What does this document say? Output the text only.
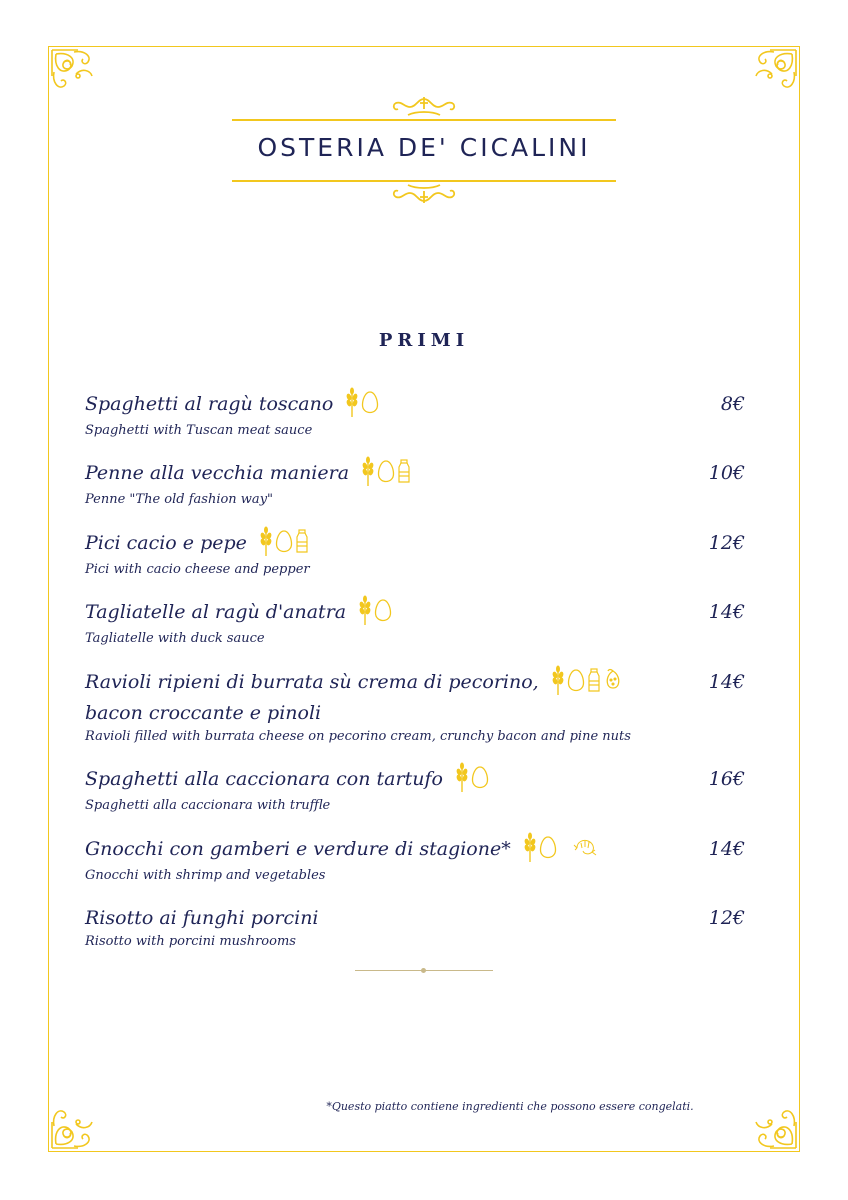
OSTERIA DE' CICALINI
PRIMI
Spaghetti al ragù toscano
Spaghetti with Tuscan meat sauce
8€
Penne alla vecchia maniera
Penne "The old fashion way"
10€
Pici cacio e pepe
Pici with cacio cheese and pepper
12€
Tagliatelle al ragù d'anatra
Tagliatelle with duck sauce
14€
Ravioli ripieni di burrata sù crema di pecorino,
bacon croccante e pinoli
Ravioli filled with burrata cheese on pecorino cream, crunchy bacon and pine nuts
14€
Spaghetti alla caccionara con tartufo
Spaghetti alla caccionara with truffle
16€
Gnocchi con gamberi e verdure di stagione*
Gnocchi with shrimp and vegetables
14€
Risotto ai funghi porcini
Risotto with porcini mushrooms
12€
*Questo piatto contiene ingredienti che possono essere congelati.
